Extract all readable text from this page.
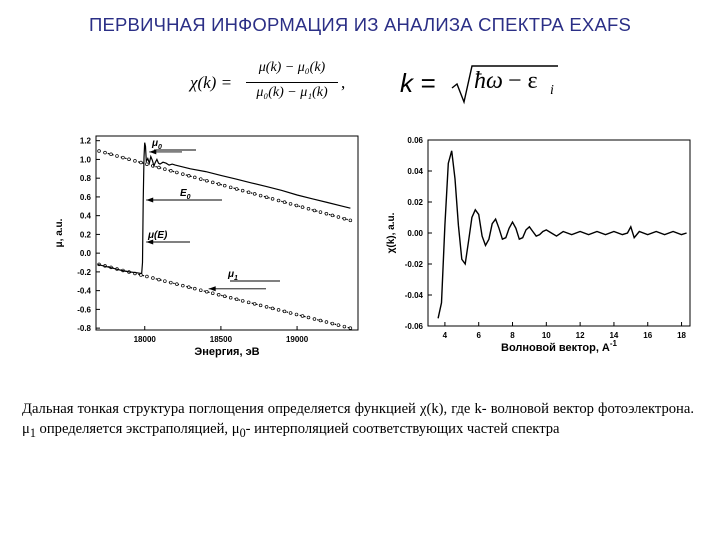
ПЕРВИЧНАЯ ИНФОРМАЦИЯ ИЗ АНАЛИЗА СПЕКТРА EXAFS
χ(k) =
μ(k) − μ₀(k)
μ₀(k) − μ₁(k)
, k = ħω − ε i
1.2
1.0
0.8
0.6
0.4
0.2
0.0
-0.2
-0.4
-0.6
-0.8
18000	18500	19000
Энергия, эВ
μ, a.u.
$\mu_0$
$E_0$
μ(E)
$\mu_1$
0.06
0.04
0.02
0.00
-0.02
-0.04
-0.06
4	6	8	10	12	14	16	18
Волновой вектор, $A^{-1}$
χ(k), a.u.
Дальная тонкая структура поглощения определяется функцией χ(k), где k- волновой вектор фотоэлектрона. $\mu_1$ определяется экстраполяцией, $\mu_0-$ интерполяцией соответствующих частей спектра
